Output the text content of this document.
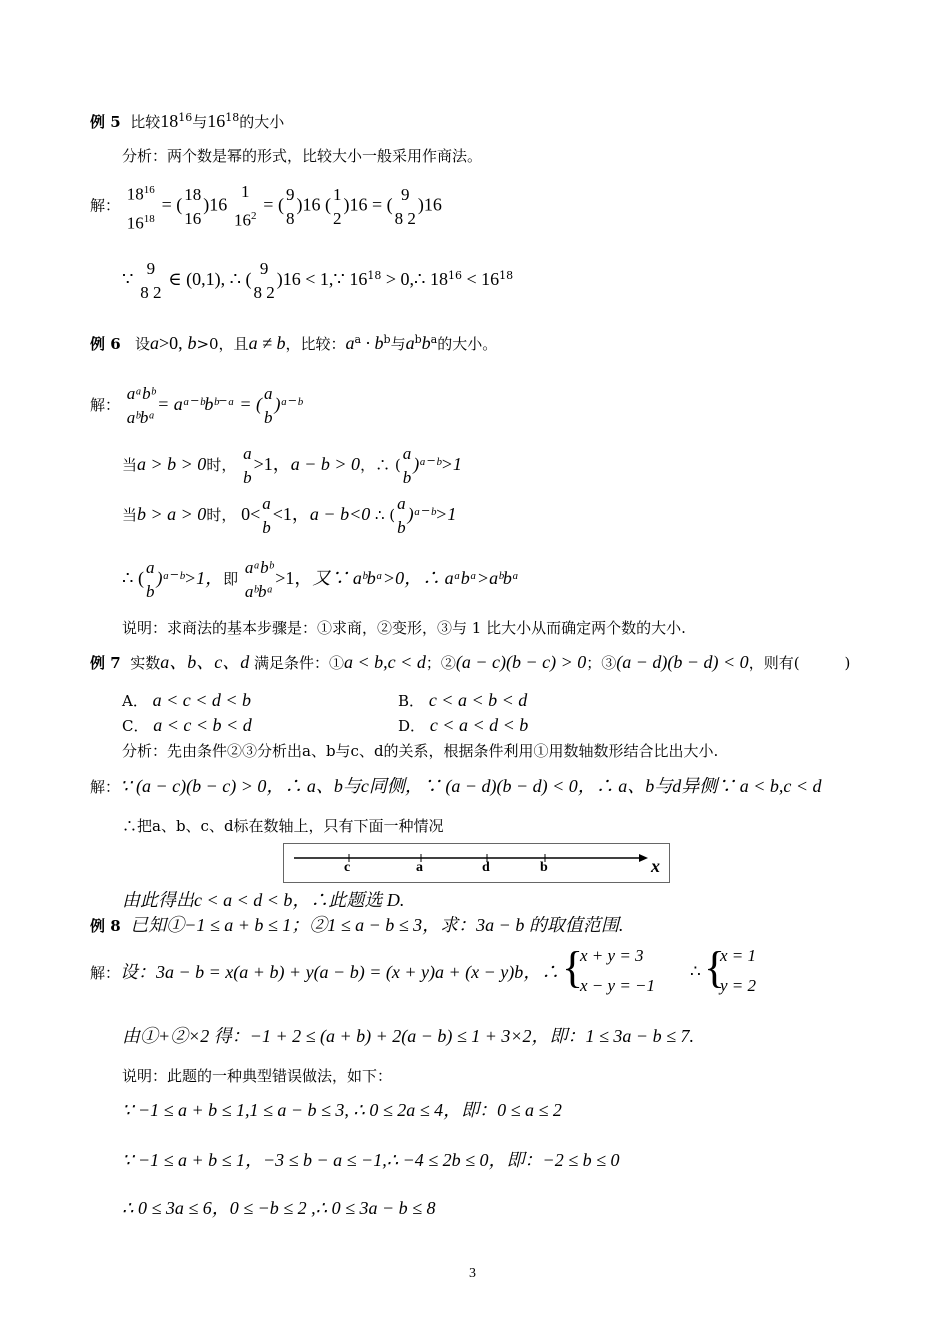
例 5 比较$18^{16}$与$16^{18}$的大小
分析：两个数是幂的形式，比较大小一般采用作商法。
解：
$18^{16}$
$16^{18}$
= (
18
16
)16
1
$16^2$
= (
9
8
)16 (
1
2
)16 = (
9
8 2
)16
∵
9
8 2
∈ (0,1), ∴ (
9
8 2
)16 < 1,∵ $16^{18}$ > 0,∴ $18^{16} < 16^{18}$
例 6 设a>0, b>0，且a ≠ b，比较：$a^a \cdot b^b$与$a^bb^a$的大小。
解：
aᵃbᵇ
aᵇbᵃ
= aᵃ⁻ᵇbᵇ⁻ᵃ = (
a
b
)ᵃ⁻ᵇ
当a > b > 0时，
a
b
>1，a − b > 0，∴ (
a
b
)ᵃ⁻ᵇ>1
当b > a > 0时， 0<
a
b
<1，a − b<0 ∴ (
a
b
)ᵃ⁻ᵇ>1
∴ (
a
b
)ᵃ⁻ᵇ>1，即
aᵃbᵇ
aᵇbᵃ
>1，又∵ aᵇbᵃ>0，∴ aᵃbᵃ>aᵇbᵃ
说明：求商法的基本步骤是：①求商，②变形，③与 1 比大小从而确定两个数的大小.
例 7 实数a、b、c、d 满足条件：①a < b,c < d；②(a − c)(b − c) > 0；③(a − d)(b − d) < 0，则有(　　　)
A． a < c < d < b	B． c < a < b < d
C． a < c < b < d	D． c < a < d < b
分析：先由条件②③分析出a、b与c、d的关系，根据条件利用①用数轴数形结合比出大小.
解：∵ (a − c)(b − c) > 0，∴ a、b与c同侧，∵ (a − d)(b − d) < 0，∴ a、b与d异侧∵ a < b,c < d
∴把a、b、c、d标在数轴上，只有下面一种情况
c	a	d	b	x
由此得出c < a < d < b，∴此题选 D.
例 8 已知①−1 ≤ a + b ≤ 1；②1 ≤ a − b ≤ 3，求：3a − b 的取值范围.
解：设：3a − b = x(a + b) + y(a − b) = (x + y)a + (x − y)b，∴ {
x + y = 3
x − y = −1
∴ {
x = 1
y = 2
由①+②×2 得：−1 + 2 ≤ (a + b) + 2(a − b) ≤ 1 + 3×2，即：1 ≤ 3a − b ≤ 7.
说明：此题的一种典型错误做法，如下：
∵ −1 ≤ a + b ≤ 1,1 ≤ a − b ≤ 3, ∴ 0 ≤ 2a ≤ 4，即：0 ≤ a ≤ 2
∵ −1 ≤ a + b ≤ 1，−3 ≤ b − a ≤ −1,∴ −4 ≤ 2b ≤ 0，即：−2 ≤ b ≤ 0
∴ 0 ≤ 3a ≤ 6，0 ≤ −b ≤ 2 ,∴ 0 ≤ 3a − b ≤ 8
3
